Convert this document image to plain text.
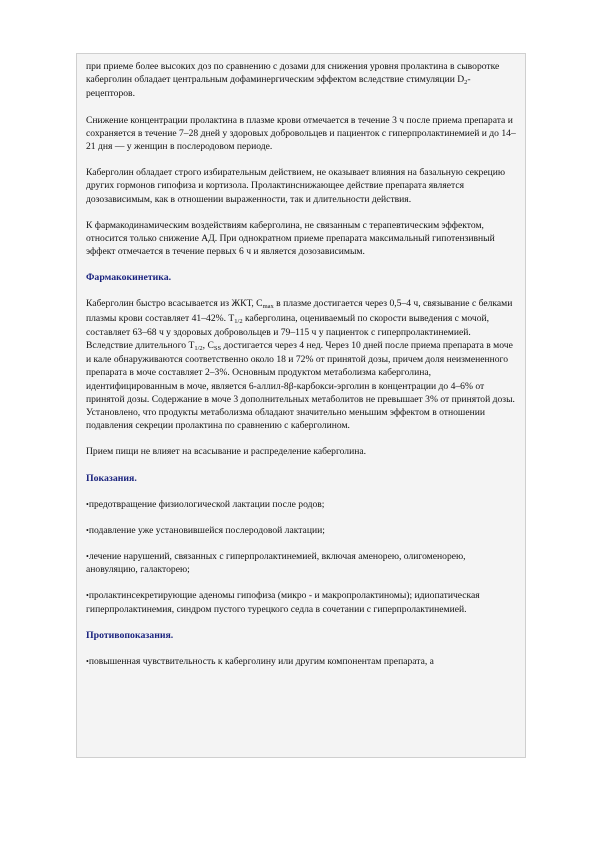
при приеме более высоких доз по сравнению с дозами для снижения уровня пролактина в сыворотке каберголин обладает центральным дофаминергическим эффектом вследствие стимуляции $D_2$-рецепторов.

Снижение концентрации пролактина в плазме крови отмечается в течение 3 ч после приема препарата и сохраняется в течение 7–28 дней у здоровых добровольцев и пациенток с гиперпролактинемией и до 14–21 дня — у женщин в послеродовом периоде.

Каберголин обладает строго избирательным действием, не оказывает влияния на базальную секрецию других гормонов гипофиза и кортизола. Пролактинснижающее действие препарата является дозозависимым, как в отношении выраженности, так и длительности действия.

К фармакодинамическим воздействиям каберголина, не связанным с терапевтическим эффектом, относится только снижение АД. При однократном приеме препарата максимальный гипотензивный эффект отмечается в течение первых 6 ч и является дозозависимым.

Фармакокинетика.

Каберголин быстро всасывается из ЖКТ, $C_{max}$ в плазме достигается через 0,5–4 ч, связывание с белками плазмы крови составляет 41–42%. $T_{1/2}$ каберголина, оцениваемый по скорости выведения с мочой, составляет 63–68 ч у здоровых добровольцев и 79–115 ч у пациенток с гиперпролактинемией. Вследствие длительного $T_{1/2}$, $C_{SS}$ достигается через 4 нед. Через 10 дней после приема препарата в моче и кале обнаруживаются соответственно около 18 и 72% от принятой дозы, причем доля неизмененного препарата в моче составляет 2–3%. Основным продуктом метаболизма каберголина, идентифицированным в моче, является 6-аллил-8β-карбокси-эрголин в концентрации до 4–6% от принятой дозы. Содержание в моче 3 дополнительных метаболитов не превышает 3% от принятой дозы. Установлено, что продукты метаболизма обладают значительно меньшим эффектом в отношении подавления секреции пролактина по сравнению с каберголином.

Прием пищи не влияет на всасывание и распределение каберголина.

Показания.

•предотвращение физиологической лактации после родов;

•подавление уже установившейся послеродовой лактации;

•лечение нарушений, связанных с гиперпролактинемией, включая аменорею, олигоменорею, ановуляцию, галакторею;

•пролактинсекретирующие аденомы гипофиза (микро - и макропролактиномы); идиопатическая гиперпролактинемия, синдром пустого турецкого седла в сочетании с гиперпролактинемией.

Противопоказания.

•повышенная чувствительность к каберголину или другим компонентам препарата, а
